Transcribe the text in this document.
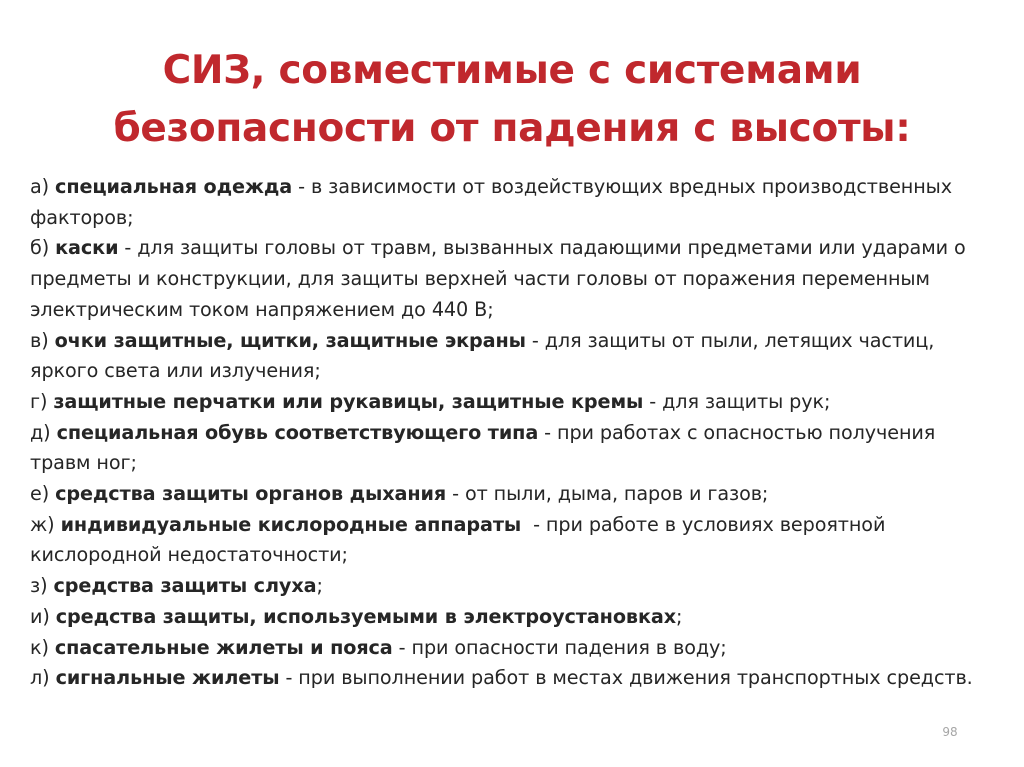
СИЗ, совместимые с системами
безопасности от падения с высоты:

а) специальная одежда - в зависимости от воздействующих вредных производственных факторов;

б) каски - для защиты головы от травм, вызванных падающими предметами или ударами о предметы и конструкции, для защиты верхней части головы от поражения переменным электрическим током напряжением до 440 В;

в) очки защитные, щитки, защитные экраны - для защиты от пыли, летящих частиц, яркого света или излучения;

г) защитные перчатки или рукавицы, защитные кремы - для защиты рук;

д) специальная обувь соответствующего типа - при работах с опасностью получения травм ног;

е) средства защиты органов дыхания - от пыли, дыма, паров и газов;

ж) индивидуальные кислородные аппараты  - при работе в условиях вероятной кислородной недостаточности;

з) средства защиты слуха;

и) средства защиты, используемыми в электроустановках;

к) спасательные жилеты и пояса - при опасности падения в воду;

л) сигнальные жилеты - при выполнении работ в местах движения транспортных средств.

98
